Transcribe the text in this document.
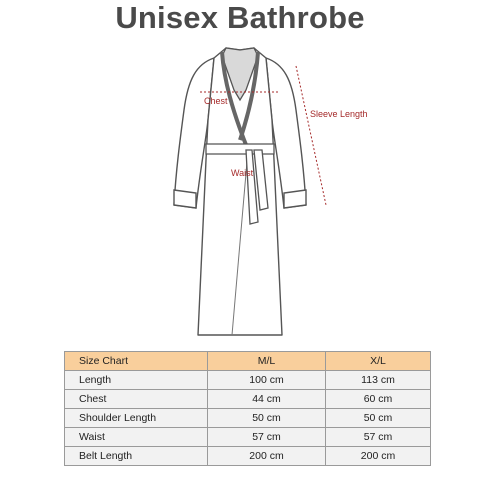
Unisex Bathrobe
Chest
Waist
Sleeve Length
Size Chart	M/L	X/L
Length	100 cm	113 cm
Chest	44 cm	60 cm
Shoulder Length	50 cm	50 cm
Waist	57 cm	57 cm
Belt Length	200 cm	200 cm
